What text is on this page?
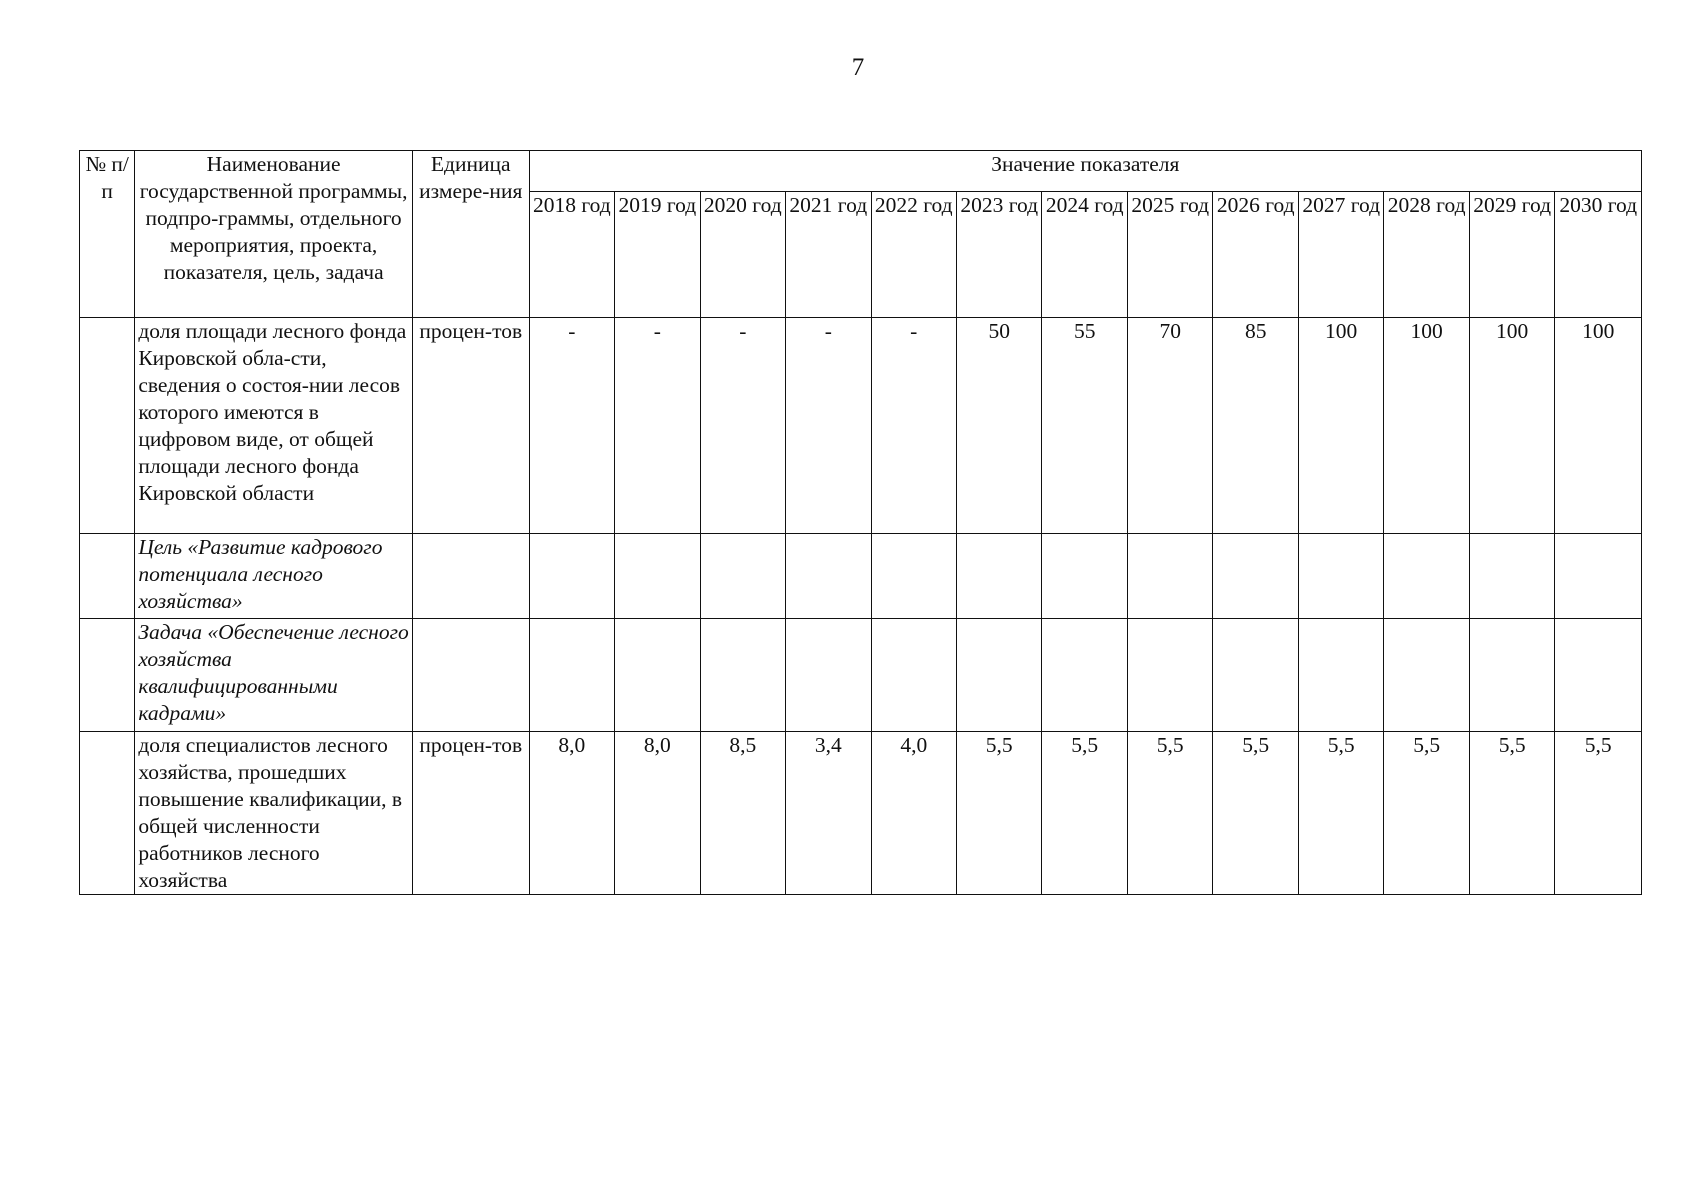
7
№ п/п	Наименование государственной программы, подпро-граммы, отдельного мероприятия, проекта, показателя, цель, задача	Единица измере-ния	Значение показателя												
			2018 год	2019 год	2020 год	2021 год	2022 год	2023 год	2024 год	2025 год	2026 год	2027 год	2028 год	2029 год	2030 год
	доля площади лесного фонда Кировской обла-сти, сведения о состоя-нии лесов которого имеются в цифровом виде, от общей площади лесного фонда Кировской области	процен-тов	-	-	-	-	-	50	55	70	85	100	100	100	100
	Цель «Развитие кадрового потенциала лесного хозяйства»														
	Задача «Обеспечение лесного хозяйства квалифицированными кадрами»														
	доля специалистов лесного хозяйства, прошедших повышение квалификации, в общей численности работников лесного хозяйства	процен-тов	8,0	8,0	8,5	3,4	4,0	5,5	5,5	5,5	5,5	5,5	5,5	5,5	5,5
